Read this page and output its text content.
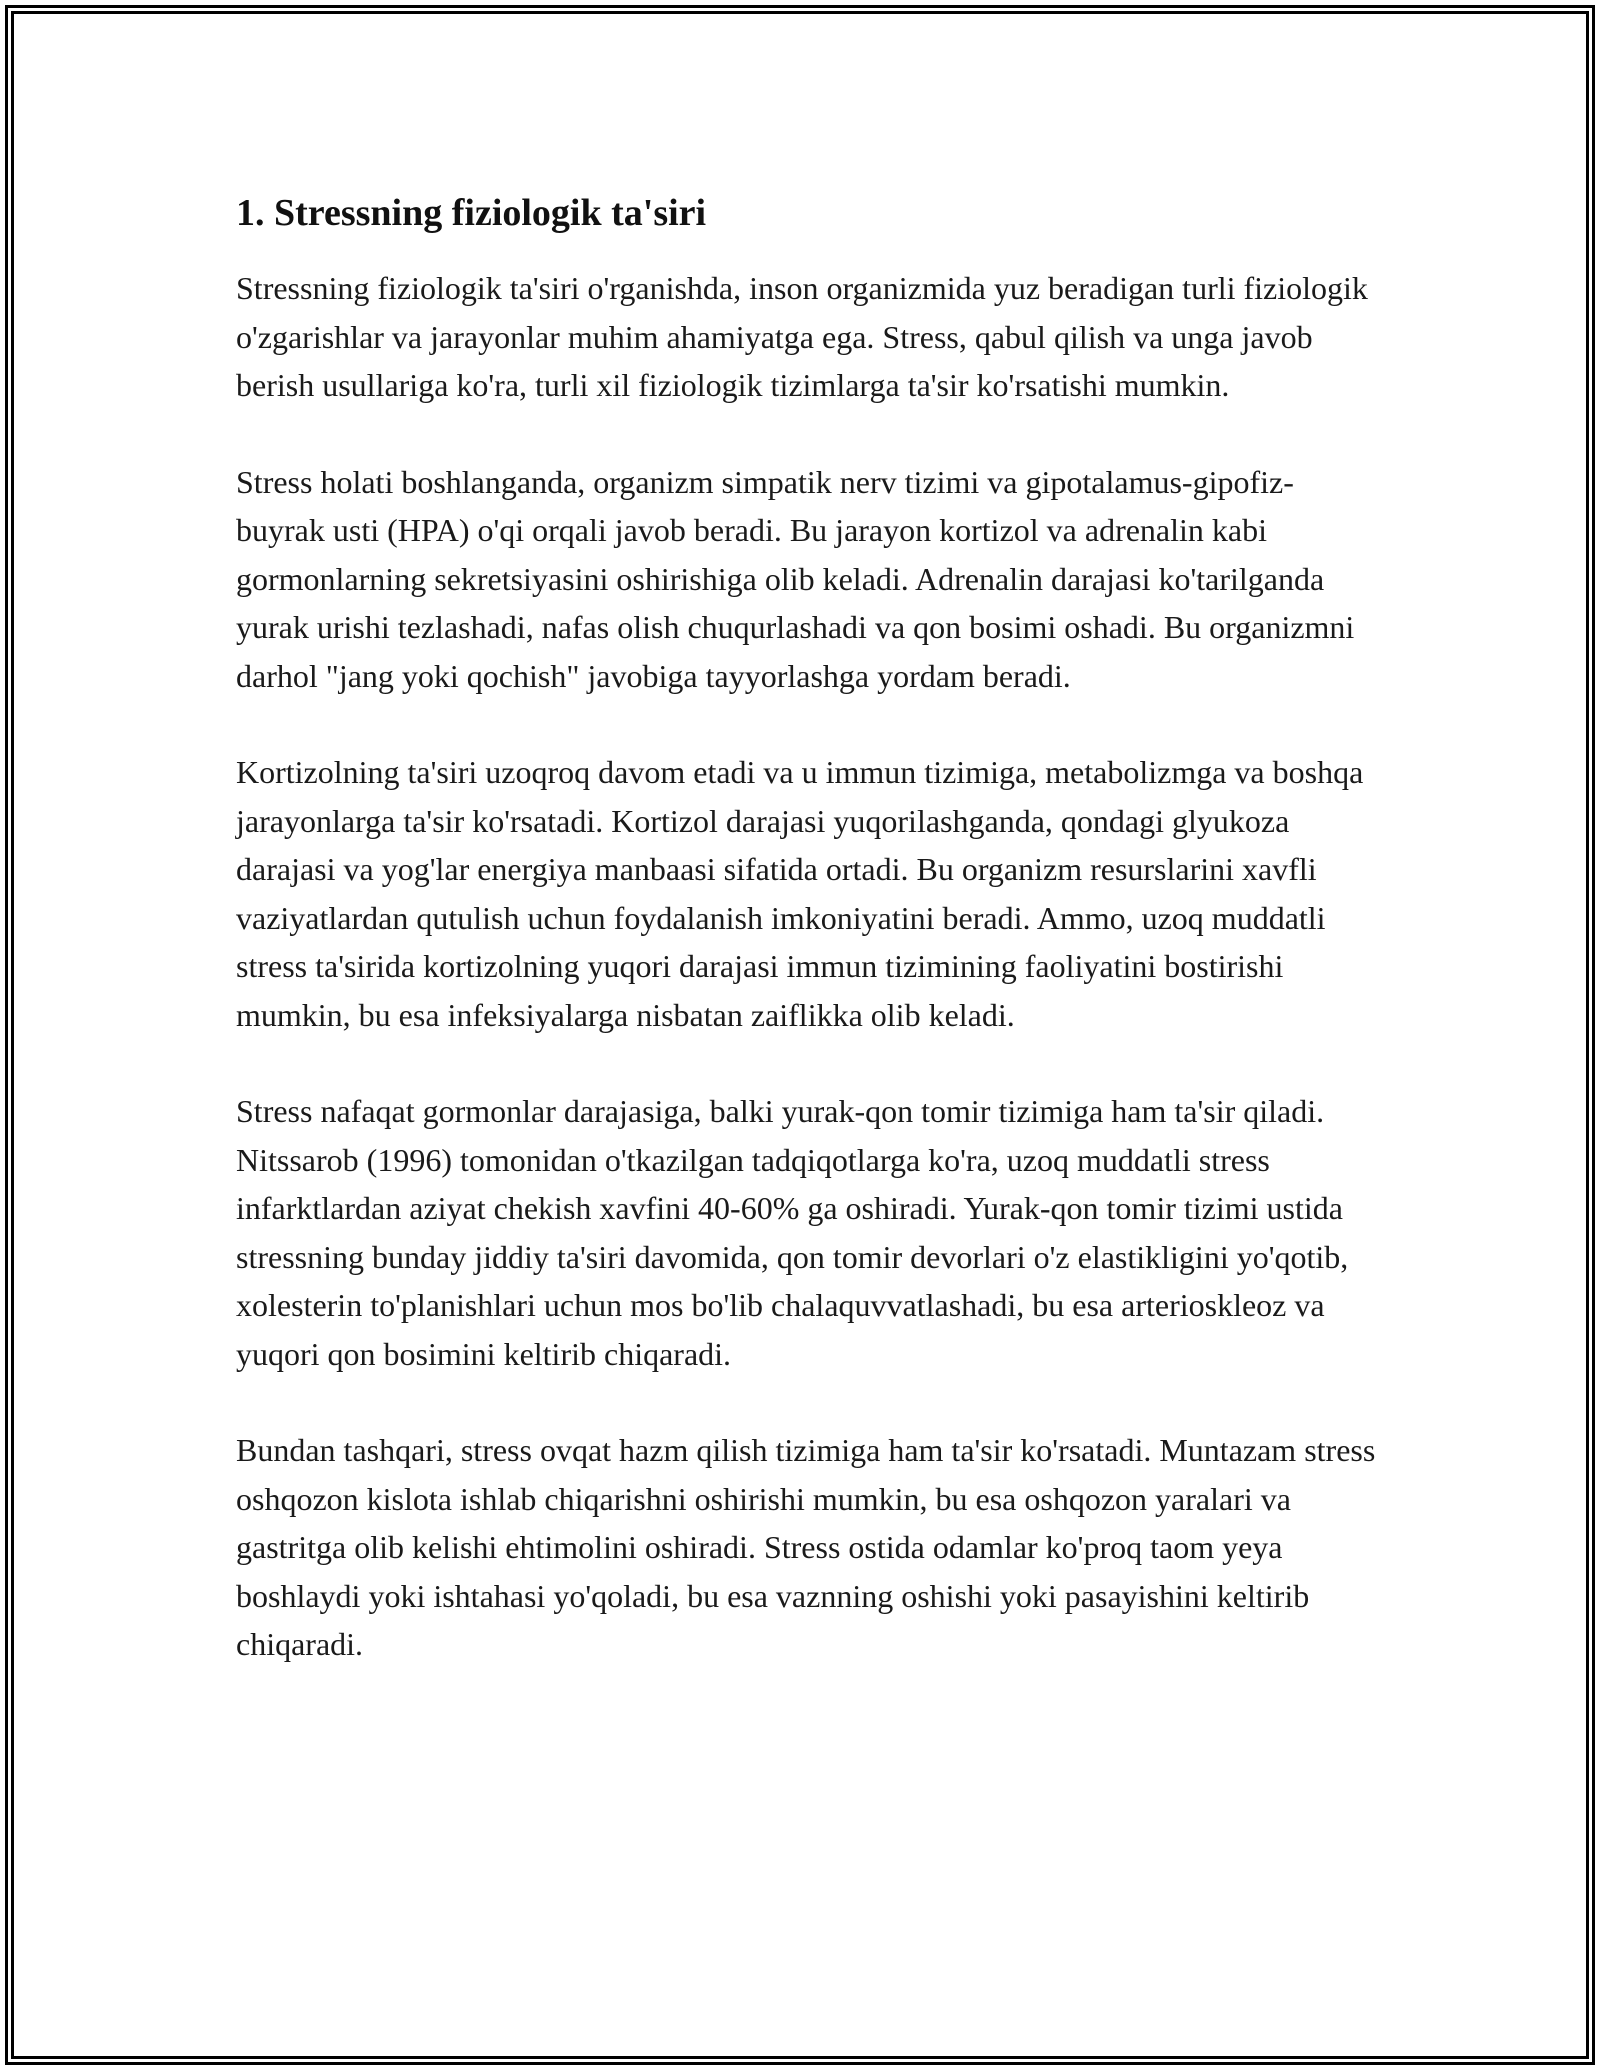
1. Stressning fiziologik ta'siri

Stressning fiziologik ta'siri o'rganishda, inson organizmida yuz beradigan turli fiziologik o'zgarishlar va jarayonlar muhim ahamiyatga ega. Stress, qabul qilish va unga javob berish usullariga ko'ra, turli xil fiziologik tizimlarga ta'sir ko'rsatishi mumkin.

Stress holati boshlanganda, organizm simpatik nerv tizimi va gipotalamus-gipofiz-buyrak usti (HPA) o'qi orqali javob beradi. Bu jarayon kortizol va adrenalin kabi gormonlarning sekretsiyasini oshirishiga olib keladi. Adrenalin darajasi ko'tarilganda yurak urishi tezlashadi, nafas olish chuqurlashadi va qon bosimi oshadi. Bu organizmni darhol "jang yoki qochish" javobiga tayyorlashga yordam beradi.

Kortizolning ta'siri uzoqroq davom etadi va u immun tizimiga, metabolizmga va boshqa jarayonlarga ta'sir ko'rsatadi. Kortizol darajasi yuqorilashganda, qondagi glyukoza darajasi va yog'lar energiya manbaasi sifatida ortadi. Bu organizm resurslarini xavfli vaziyatlardan qutulish uchun foydalanish imkoniyatini beradi. Ammo, uzoq muddatli stress ta'sirida kortizolning yuqori darajasi immun tizimining faoliyatini bostirishi mumkin, bu esa infeksiyalarga nisbatan zaiflikka olib keladi.

Stress nafaqat gormonlar darajasiga, balki yurak-qon tomir tizimiga ham ta'sir qiladi. Nitssarob (1996) tomonidan o'tkazilgan tadqiqotlarga ko'ra, uzoq muddatli stress infarktlardan aziyat chekish xavfini 40-60% ga oshiradi. Yurak-qon tomir tizimi ustida stressning bunday jiddiy ta'siri davomida, qon tomir devorlari o'z elastikligini yo'qotib, xolesterin to'planishlari uchun mos bo'lib chalaquvvatlashadi, bu esa arterioskleoz va yuqori qon bosimini keltirib chiqaradi.

Bundan tashqari, stress ovqat hazm qilish tizimiga ham ta'sir ko'rsatadi. Muntazam stress oshqozon kislota ishlab chiqarishni oshirishi mumkin, bu esa oshqozon yaralari va gastritga olib kelishi ehtimolini oshiradi. Stress ostida odamlar ko'proq taom yeya boshlaydi yoki ishtahasi yo'qoladi, bu esa vaznning oshishi yoki pasayishini keltirib chiqaradi.
